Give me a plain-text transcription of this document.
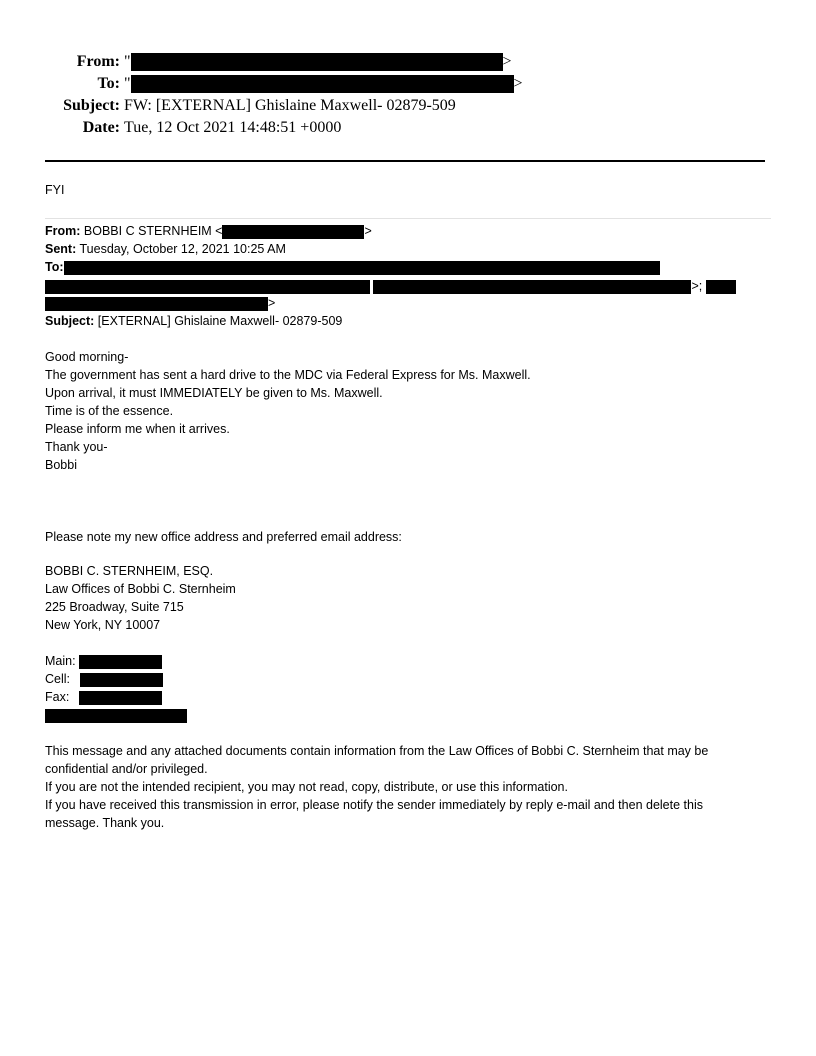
From: "	>
To: "	>
Subject: FW: [EXTERNAL] Ghislaine Maxwell- 02879-509
Date: Tue, 12 Oct 2021 14:48:51 +0000
FYI
From: BOBBI C STERNHEIM <	>
Sent: Tuesday, October 12, 2021 10:25 AM
To:
>;
>
Subject: [EXTERNAL] Ghislaine Maxwell- 02879-509
Good morning-
The government has sent a hard drive to the MDC via Federal Express for Ms. Maxwell.
Upon arrival, it must IMMEDIATELY be given to Ms. Maxwell.
Time is of the essence.
Please inform me when it arrives.
Thank you-
Bobbi
Please note my new office address and preferred email address:
BOBBI C. STERNHEIM, ESQ.
Law Offices of Bobbi C. Sternheim
225 Broadway, Suite 715
New York, NY 10007
Main:
Cell:
Fax:
This message and any attached documents contain information from the Law Offices of Bobbi C. Sternheim that may be
confidential and/or privileged.
If you are not the intended recipient, you may not read, copy, distribute, or use this information.
If you have received this transmission in error, please notify the sender immediately by reply e-mail and then delete this
message. Thank you.
